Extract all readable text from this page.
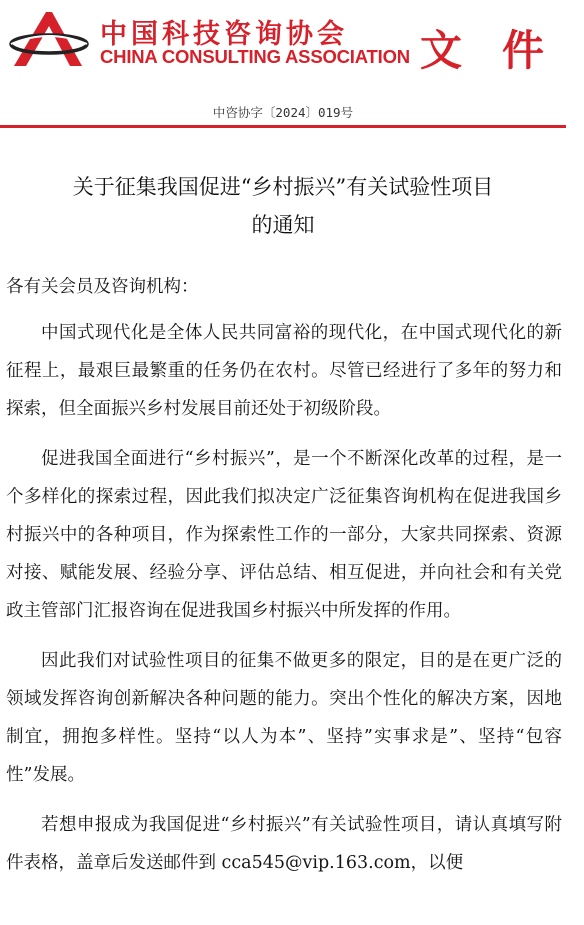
中国科技咨询协会
CHINA CONSULTING ASSOCIATION 文件
中咨协字〔2024〕019号
关于征集我国促进“乡村振兴”有关试验性项目
的通知

各有关会员及咨询机构：

中国式现代化是全体人民共同富裕的现代化，在中国式现代化的新征程上，最艰巨最繁重的任务仍在农村。尽管已经进行了多年的努力和探索，但全面振兴乡村发展目前还处于初级阶段。

促进我国全面进行“乡村振兴”，是一个不断深化改革的过程，是一个多样化的探索过程，因此我们拟决定广泛征集咨询机构在促进我国乡村振兴中的各种项目，作为探索性工作的一部分，大家共同探索、资源对接、赋能发展、经验分享、评估总结、相互促进，并向社会和有关党政主管部门汇报咨询在促进我国乡村振兴中所发挥的作用。

因此我们对试验性项目的征集不做更多的限定，目的是在更广泛的领域发挥咨询创新解决各种问题的能力。突出个性化的解决方案，因地制宜，拥抱多样性。坚持“以人为本”、坚持”实事求是”、坚持“包容性”发展。

若想申报成为我国促进“乡村振兴”有关试验性项目，请认真填写附件表格，盖章后发送邮件到 cca545@vip.163.com，以便
